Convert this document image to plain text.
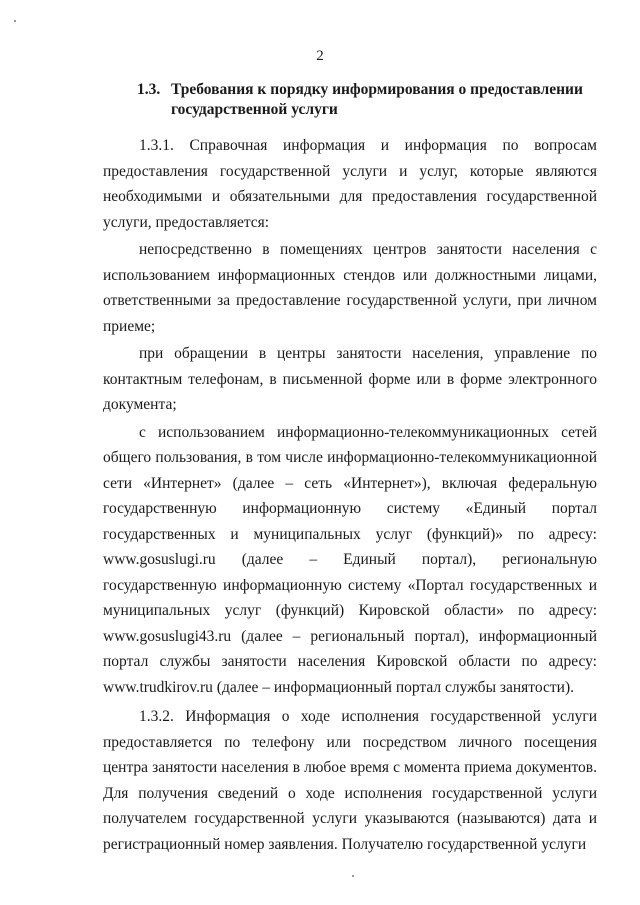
2
1.3. Требования к порядку информирования о предоставлении
государственной услуги

1.3.1. Справочная информация и информация по вопросам предоставления государственной услуги и услуг, которые являются необходимыми и обязательными для предоставления государственной услуги, предоставляется:

непосредственно в помещениях центров занятости населения с использованием информационных стендов или должностными лицами, ответственными за предоставление государственной услуги, при личном приеме;

при обращении в центры занятости населения, управление по контактным телефонам, в письменной форме или в форме электронного документа;

с использованием информационно-телекоммуникационных сетей общего пользования, в том числе информационно-телекоммуникационной сети «Интернет» (далее – сеть «Интернет»), включая федеральную государственную информационную систему «Единый портал государственных и муниципальных услуг (функций)» по адресу: www.gosuslugi.ru (далее – Единый портал), региональную государственную информационную систему «Портал государственных и муниципальных услуг (функций) Кировской области» по адресу: www.gosuslugi43.ru (далее – региональный портал), информационный портал службы занятости населения Кировской области по адресу: www.trudkirov.ru (далее – информационный портал службы занятости).

1.3.2. Информация о ходе исполнения государственной услуги предоставляется по телефону или посредством личного посещения центра занятости населения в любое время с момента приема документов. Для получения сведений о ходе исполнения государственной услуги получателем государственной услуги указываются (называются) дата и регистрационный номер заявления. Получателю государственной услуги
